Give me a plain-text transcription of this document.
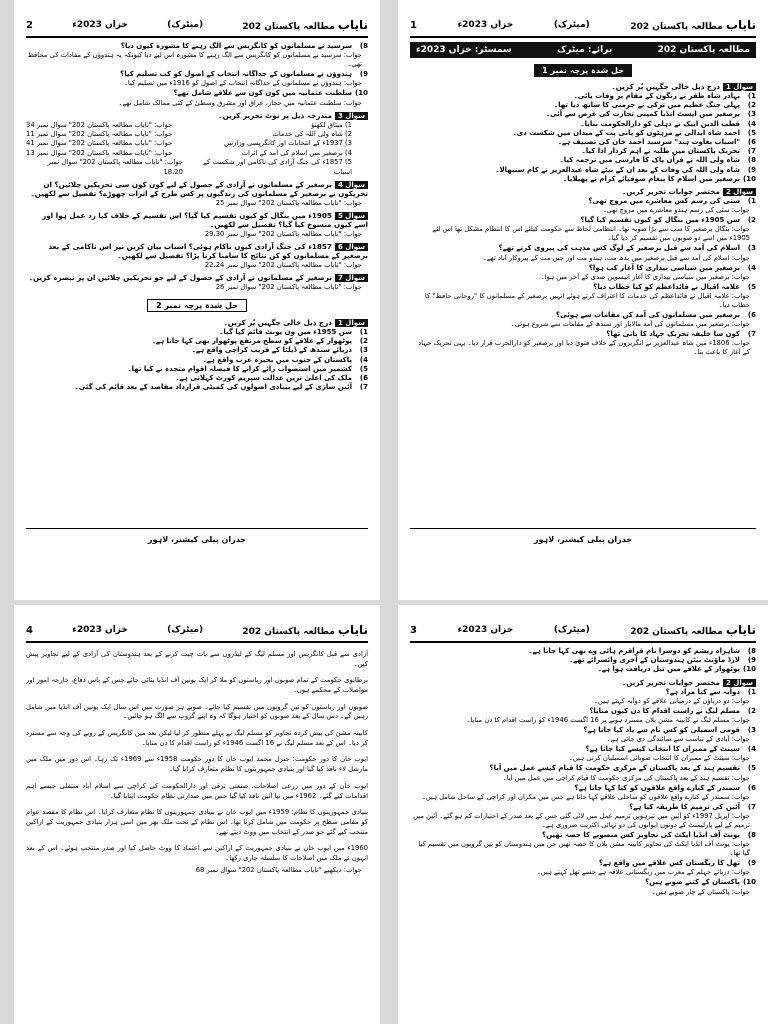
نایاب مطالعہ پاکستان 202
(میٹرک)
خزاں 2023ء
1
مطالعہ پاکستان 202
برائے: میٹرک
سمسٹر: خزاں 2023ء
حل شدہ پرچہ نمبر 1
سوال 1درج ذیل خالی جگہیں پُر کریں۔
1)
بہادر شاہ ظفر نے رنگون کے مقام پر وفات پائی۔
2)
پہلی جنگ عظیم میں ترکی نے جرمنی کا ساتھ دیا تھا۔
3)
برصغیر میں ایسٹ انڈیا کمپنی تجارت کی غرض سے آئی۔
4)
قطب الدین ایبک نے دہلی کو دارالحکومت بنایا۔
5)
احمد شاہ ابدالی نے مرہٹوں کو پانی پت کے میدان میں شکست دی۔
6)
"اسباب بغاوت ہند" سرسید احمد خان کی تصنیف ہے۔
7)
تحریک پاکستان میں طلبہ نے اہم کردار ادا کیا۔
8)
شاہ ولی اللہ نے قرآن پاک کا فارسی میں ترجمہ کیا۔
9)
شاہ ولی اللہ کی وفات کے بعد ان کے بیٹے شاہ عبدالعزیز نے کام سنبھالا۔
10)
برصغیر میں اسلام کا پیغام صوفیائے کرام نے پھیلایا۔
سوال 2مختصر جوابات تحریر کریں۔
1)
ستی کی رسم کس معاشرے میں مروج تھی؟
جواب: ستی کی رسم ہندو معاشرے میں مروج تھی۔
2)
سن 1905ء میں بنگال کو کیوں تقسیم کیا گیا؟
جواب: بنگال برصغیر کا سب سے بڑا صوبہ تھا۔ انتظامی لحاظ سے حکومت کیلئے اس کا انتظام مشکل تھا اس لئے 1905ء میں اسے دو صوبوں میں تقسیم کر دیا گیا۔
3)
اسلام کی آمد سے قبل برصغیر کے لوگ کس مذہب کی پیروی کرتے تھے؟
جواب: اسلام کی آمد سے قبل برصغیر میں بدھ مت، ہندو مت اور جین مت کے پیروکار آباد تھے۔
4)
برصغیر میں سیاسی بیداری کا آغاز کب ہوا؟
جواب: برصغیر میں سیاسی بیداری کا آغاز انیسویں صدی کے آخر میں ہوا۔
5)
علامہ اقبال نے قائداعظم کو کیا خطاب دیا؟
جواب: علامہ اقبال نے قائداعظم کی خدمات کا اعتراف کرتے ہوئے انہیں برصغیر کے مسلمانوں کا "روحانی حافظ" کا خطاب دیا۔
6)
برصغیر میں مسلمانوں کی آمد کن مقامات سے ہوئی؟
جواب: برصغیر میں مسلمانوں کی آمد مالابار اور سندھ کے مقامات سے شروع ہوئی۔
7)
کون سا خلیفہ تحریک جہاد کا بانی تھا؟
جواب: 1806ء میں شاہ عبدالعزیز نے انگریزوں کے خلاف فتویٰ دیا اور برصغیر کو دارالحرب قرار دیا۔ یہی تحریک جہاد کے آغاز کا باعث بنا۔
جدران پبلی کیشنز، لاہور
نایاب مطالعہ پاکستان 202
(میٹرک)
خزاں 2023ء
2
8)
سرسید نے مسلمانوں کو کانگریس سے الگ رہنے کا مشورہ کیوں دیا؟
جواب: سرسید نے مسلمانوں کو کانگریس سے الگ رہنے کا مشورہ اس لیے دیا کیونکہ یہ ہندوؤں کے مفادات کی محافظ تھی۔
9)
ہندوؤں نے مسلمانوں کے جداگانہ انتخاب کے اصول کو کب تسلیم کیا؟
جواب: ہندوؤں نے مسلمانوں کے جداگانہ انتخاب کے اصول کو 1916ء میں تسلیم کیا۔
10)
سلطنت عثمانیہ میں کون کون سے علاقے شامل تھے؟
جواب: سلطنت عثمانیہ میں حجاز، عراق اور مشرق وسطیٰ کے کئی ممالک شامل تھے۔
سوال 3مندرجہ ذیل پر نوٹ تحریر کریں۔
1) میثاق لکھنؤ
جواب: "نایاب مطالعہ پاکستان 202" سوال نمبر 34
2) شاہ ولی اللہ کی خدمات
جواب: "نایاب مطالعہ پاکستان 202" سوال نمبر 11
3) 1937ء کے انتخابات اور کانگریسی وزارتیں
جواب: "نایاب مطالعہ پاکستان 202" سوال نمبر 41
4) برصغیر میں اسلام کی آمد کے اثرات
جواب: "نایاب مطالعہ پاکستان 202" سوال نمبر 13
5) 1857ء کی جنگ آزادی کی ناکامی اور شکست کے اسباب
جواب: "نایاب مطالعہ پاکستان 202" سوال نمبر 18،20
سوال 4برصغیر کے مسلمانوں نے آزادی کے حصول کے لیے کون کون سی تحریکیں چلائیں؟ ان تحریکوں نے برصغیر کے مسلمانوں کی زندگیوں پر کس طرح کے اثرات چھوڑے؟ تفصیل سے لکھیں۔
جواب: "نایاب مطالعہ پاکستان 202" سوال نمبر 25
سوال 51905ء میں بنگال کو کیوں تقسیم کیا گیا؟ اس تقسیم کے خلاف کیا رد عمل ہوا اور اسے کیوں منسوخ کیا گیا؟ تفصیل سے لکھیں۔
جواب: "نایاب مطالعہ پاکستان 202" سوال نمبر 29،30
سوال 61857ء کی جنگ آزادی کیوں ناکام ہوئی؟ اسباب بیان کریں نیز اس ناکامی کے بعد برصغیر کے مسلمانوں کو کن نتائج کا سامنا کرنا پڑا؟ تفصیل سے لکھیں۔
جواب: "نایاب مطالعہ پاکستان 202" سوال نمبر 22،24
سوال 7برصغیر کے مسلمانوں نے آزادی کے حصول کے لیے جو تحریکیں چلائیں ان پر تبصرہ کریں۔
جواب: "نایاب مطالعہ پاکستان 202" سوال نمبر 26
حل شدہ پرچہ نمبر 2
سوال 1درج ذیل خالی جگہیں پُر کریں۔
1)
سن 1955ء میں ون یونٹ قائم کیا گیا۔
2)
پوٹھوار کے علاقے کو سطح مرتفع پوٹھوار بھی کہا جاتا ہے۔
3)
دریائے سندھ کے ڈیلٹا کے قریب کراچی واقع ہے۔
4)
پاکستان کے جنوب میں بحیرہ عرب واقع ہے۔
5)
کشمیر میں استصواب رائے کرانے کا فیصلہ اقوام متحدہ نے کیا تھا۔
6)
ملک کی اعلیٰ ترین عدالت سپریم کورٹ کہلاتی ہے۔
7)
آئین سازی کے لیے بنیادی اصولوں کی کمیٹی قرارداد مقاصد کے بعد قائم کی گئی۔
جدران پبلی کیشنز، لاہور
نایاب مطالعہ پاکستان 202
(میٹرک)
خزاں 2023ء
3
8)
شاہراہ ریشم کو دوسرا نام قراقرم ہائی وے بھی کہا جاتا ہے۔
9)
لارڈ ماؤنٹ بیٹن ہندوستان کے آخری وائسرائے تھے۔
10)
پوٹھوار کے علاقے میں تیل دریافت ہوا ہے۔
سوال 2مختصر جوابات تحریر کریں۔
1)
دوآبہ سے کیا مراد ہے؟
جواب: دو دریاؤں کے درمیانی علاقے کو دوآبہ کہتے ہیں۔
2)
مسلم لیگ نے راست اقدام کا دن کیوں منایا؟
جواب: مسلم لیگ نے کابینہ مشن پلان مسترد ہونے پر 16 اگست 1946ء کو راست اقدام کا دن منایا۔
3)
قومی اسمبلی کو کس نام سے یاد کیا جاتا ہے؟
جواب: آبادی کے تناسب سے نمائندگی دی جاتی ہے۔
4)
سینٹ کے ممبران کا انتخاب کیسے کیا جاتا ہے؟
جواب: سینٹ کے ممبران کا انتخاب صوبائی اسمبلیاں کرتی ہیں۔
5)
تقسیم ہند کے بعد پاکستان کے مرکزی حکومت کا قیام کیسے عمل میں آیا؟
جواب: تقسیم ہند کے بعد پاکستان کی مرکزی حکومت کا قیام کراچی میں عمل میں آیا۔
6)
سمندر کے کنارے واقع علاقوں کو کیا کہا جاتا ہے؟
جواب: سمندر کے کنارے واقع علاقوں کو ساحلی علاقے کہا جاتا ہے جس میں مکران اور کراچی کے ساحل شامل ہیں۔
7)
آئین کی ترمیم کا طریقہ کیا ہے؟
جواب: اپریل 1997ء کو آئین میں تیرہویں ترمیم عمل میں لائی گئی جس کے بعد صدر کے اختیارات کم ہو گئے۔ آئین میں ترمیم کے لیے پارلیمنٹ کے دونوں ایوانوں کی دو تہائی اکثریت ضروری ہے۔
8)
یونٹ آف انڈیا ایکٹ کی تجاویز کس منصوبے کا حصہ تھیں؟
جواب: یونٹ آف انڈیا ایکٹ کی تجاویز کابینہ مشن پلان کا حصہ تھیں جن میں ہندوستان کو تین گروپوں میں تقسیم کیا گیا تھا۔
9)
تھل کا ریگستان کس علاقے میں واقع ہے؟
جواب: دریائے جہلم کے مغرب میں ریگستانی علاقہ ہے جسے تھل کہتے ہیں۔
10)
پاکستان کے کتنے صوبے ہیں؟
جواب: پاکستان کے چار صوبے ہیں۔
نایاب مطالعہ پاکستان 202
(میٹرک)
خزاں 2023ء
4

آزادی سے قبل کانگریس اور مسلم لیگ کے لیڈروں سے بات چیت کرنے کے بعد ہندوستان کی آزادی کے لیے تجاویز پیش کیں۔

برطانوی حکومت کے تمام صوبوں اور ریاستوں کو ملا کر ایک یونین آف انڈیا بنائی جائے جس کے پاس دفاع، خارجہ امور اور مواصلات کے محکمے ہوں۔

صوبوں اور ریاستوں کو تین گروپوں میں تقسیم کیا جائے۔ صوبے ہر صورت میں اس سال ایک یونین آف انڈیا میں شامل رہیں گے۔ دس سال کے بعد صوبوں کو اختیار ہوگا کہ وہ اپنے گروپ سے الگ ہو جائیں۔

کابینہ مشن کی پیش کردہ تجاویز کو مسلم لیگ نے پہلے منظور کر لیا لیکن بعد میں کانگریس کے رویے کی وجہ سے مسترد کر دیا۔ اس کے بعد مسلم لیگ نے 16 اگست 1946ء کو راست اقدام کا دن منایا۔

ایوب خان کا دور حکومت: جنرل محمد ایوب خان کا دور حکومت 1958ء سے 1969ء تک رہا۔ اس دور میں ملک میں مارشل لاء نافذ کیا گیا اور بنیادی جمہوریتوں کا نظام متعارف کرایا گیا۔

ایوب خان کے دور میں زرعی اصلاحات، صنعتی ترقی اور دارالحکومت کی کراچی سے اسلام آباد منتقلی جیسے اہم اقدامات کیے گئے۔ 1962ء میں نیا آئین نافذ کیا گیا جس میں صدارتی نظام حکومت اپنایا گیا۔

بنیادی جمہوریتوں کا نظام: 1959ء میں ایوب خان نے بنیادی جمہوریتوں کا نظام متعارف کرایا۔ اس نظام کا مقصد عوام کو مقامی سطح پر حکومت میں شامل کرنا تھا۔ اس نظام کے تحت ملک بھر میں اسی ہزار بنیادی جمہوریت کے اراکین منتخب کیے گئے جو صدر کے انتخاب میں ووٹ دیتے تھے۔

1960ء میں ایوب خان نے بنیادی جمہوریت کے اراکین سے اعتماد کا ووٹ حاصل کیا اور صدر منتخب ہوئے۔ اس کے بعد انہوں نے ملک میں اصلاحات کا سلسلہ جاری رکھا۔

جواب: دیکھیے "نایاب مطالعہ پاکستان 202" سوال نمبر 68
